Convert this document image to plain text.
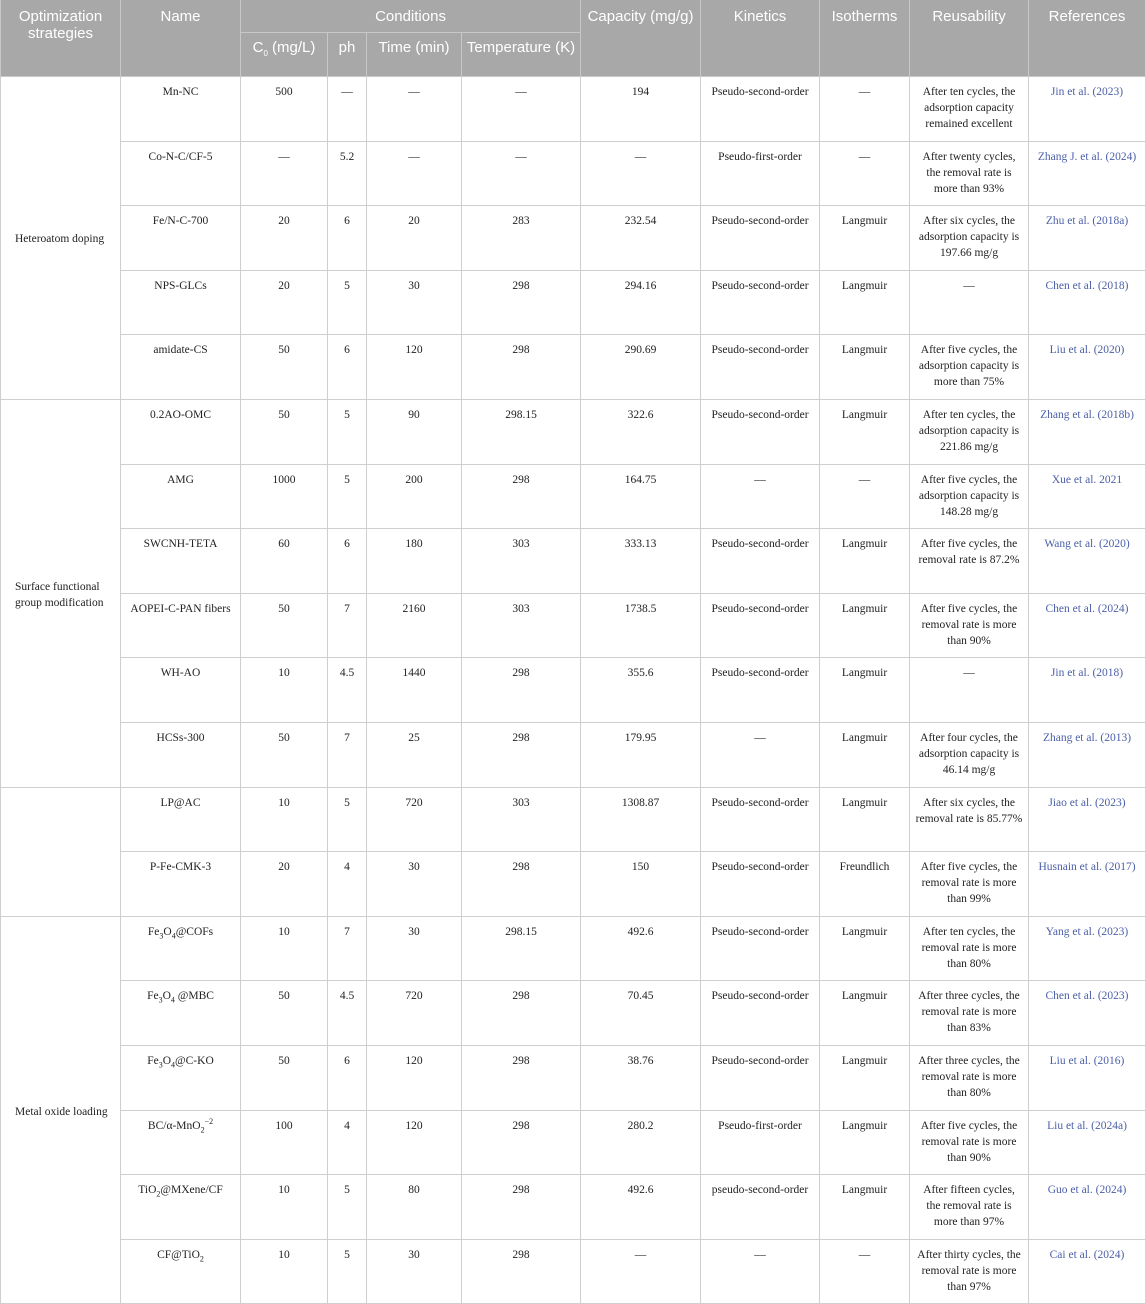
Optimization strategies	Name	Conditions				Capacity (mg/g)	Kinetics	Isotherms	Reusability	References
		$C_0$ (mg/L)	ph	Time (min)	Temperature (K)					
Heteroatom doping	Mn-NC	500	—	—	—	194	Pseudo-second-order	—	After ten cycles, the adsorption capacity remained excellent	Jin et al. (2023)
	Co-N-C/CF-5	—	5.2	—	—	—	Pseudo-first-order	—	After twenty cycles, the removal rate is more than 93%	Zhang J. et al. (2024)
	Fe/N-C-700	20	6	20	283	232.54	Pseudo-second-order	Langmuir	After six cycles, the adsorption capacity is 197.66 mg/g	Zhu et al. (2018a)
	NPS-GLCs	20	5	30	298	294.16	Pseudo-second-order	Langmuir	—	Chen et al. (2018)
	amidate-CS	50	6	120	298	290.69	Pseudo-second-order	Langmuir	After five cycles, the adsorption capacity is more than 75%	Liu et al. (2020)
Surface functional group modification	0.2AO-OMC	50	5	90	298.15	322.6	Pseudo-second-order	Langmuir	After ten cycles, the adsorption capacity is 221.86 mg/g	Zhang et al. (2018b)
	AMG	1000	5	200	298	164.75	—	—	After five cycles, the adsorption capacity is 148.28 mg/g	Xue et al. 2021
	SWCNH-TETA	60	6	180	303	333.13	Pseudo-second-order	Langmuir	After five cycles, the removal rate is 87.2%	Wang et al. (2020)
	AOPEI-C-PAN fibers	50	7	2160	303	1738.5	Pseudo-second-order	Langmuir	After five cycles, the removal rate is more than 90%	Chen et al. (2024)
	WH-AO	10	4.5	1440	298	355.6	Pseudo-second-order	Langmuir	—	Jin et al. (2018)
	HCSs-300	50	7	25	298	179.95	—	Langmuir	After four cycles, the adsorption capacity is 46.14 mg/g	Zhang et al. (2013)
	LP@AC	10	5	720	303	1308.87	Pseudo-second-order	Langmuir	After six cycles, the removal rate is 85.77%	Jiao et al. (2023)
	P-Fe-CMK-3	20	4	30	298	150	Pseudo-second-order	Freundlich	After five cycles, the removal rate is more than 99%	Husnain et al. (2017)
Metal oxide loading	$Fe_3O_4@COFs$	10	7	30	298.15	492.6	Pseudo-second-order	Langmuir	After ten cycles, the removal rate is more than 80%	Yang et al. (2023)
	$Fe_3O_4$ @MBC	50	4.5	720	298	70.45	Pseudo-second-order	Langmuir	After three cycles, the removal rate is more than 83%	Chen et al. (2023)
	$Fe_3O_4@C-KO$	50	6	120	298	38.76	Pseudo-second-order	Langmuir	After three cycles, the removal rate is more than 80%	Liu et al. (2016)
	BC/α-MnO$_2^{-2}$	100	4	120	298	280.2	Pseudo-first-order	Langmuir	After five cycles, the removal rate is more than 90%	Liu et al. (2024a)
	TiO$_2$@MXene/CF	10	5	80	298	492.6	pseudo-second-order	Langmuir	After fifteen cycles, the removal rate is more than 97%	Guo et al. (2024)
	CF@TiO$_2$	10	5	30	298	—	—	—	After thirty cycles, the removal rate is more than 97%	Cai et al. (2024)
